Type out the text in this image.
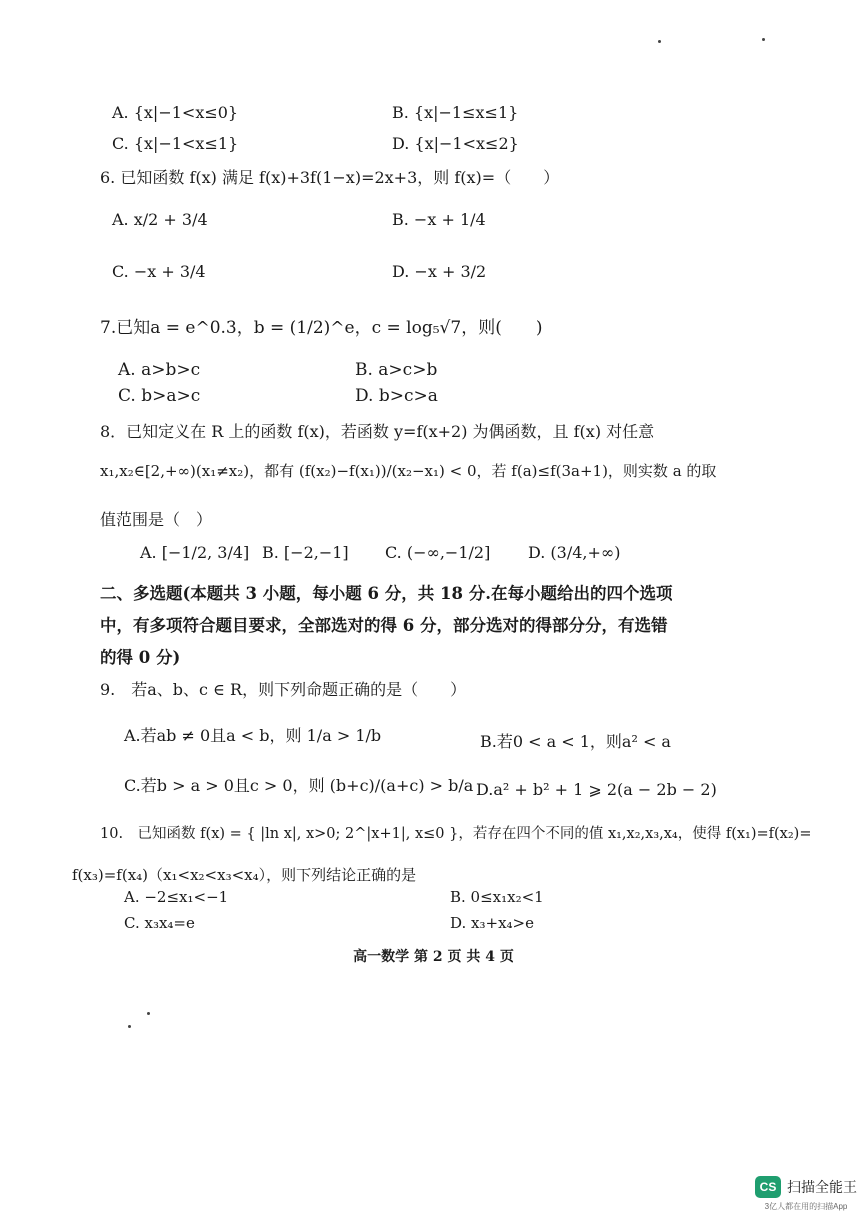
A. {x|−1<x≤0}	B. {x|−1≤x≤1}
C. {x|−1<x≤1}	D. {x|−1<x≤2}
6. 已知函数 f(x) 满足 f(x)+3f(1−x)=2x+3，则 f(x)=（　　）
A. x/2 + 3/4	B. −x + 1/4
C. −x + 3/4	D. −x + 3/2
7.已知a = e^0.3，b = (1/2)^e，c = log₅√7，则(　　)
A. a>b>c	B. a>c>b
C. b>a>c	D. b>c>a
8．已知定义在 R 上的函数 f(x)，若函数 y=f(x+2) 为偶函数，且 f(x) 对任意
x₁,x₂∈[2,+∞)(x₁≠x₂)，都有 (f(x₂)−f(x₁))/(x₂−x₁) < 0，若 f(a)≤f(3a+1)，则实数 a 的取
值范围是（　）
A. [−1/2, 3/4] B. [−2,−1] C. (−∞,−1/2] D. (3/4,+∞)
二、多选题(本题共 3 小题，每小题 6 分，共 18 分.在每小题给出的四个选项
中，有多项符合题目要求，全部选对的得 6 分，部分选对的得部分分，有选错
的得 0 分)
9.　若a、b、c ∈ R，则下列命题正确的是（　　）
A.若ab ≠ 0且a < b，则 1/a > 1/b	B.若0 < a < 1，则a² < a
C.若b > a > 0且c > 0，则 (b+c)/(a+c) > b/a D.a² + b² + 1 ⩾ 2(a − 2b − 2)
10.　已知函数 f(x) = { |ln x|, x>0; 2^|x+1|, x≤0 }，若存在四个不同的值 x₁,x₂,x₃,x₄，使得 f(x₁)=f(x₂)=
f(x₃)=f(x₄)（x₁<x₂<x₃<x₄），则下列结论正确的是
A. −2≤x₁<−1	B. 0≤x₁x₂<1
C. x₃x₄=e	D. x₃+x₄>e
高一数学 第 2 页 共 4 页
CS 扫描全能王
3亿人都在用的扫描App
